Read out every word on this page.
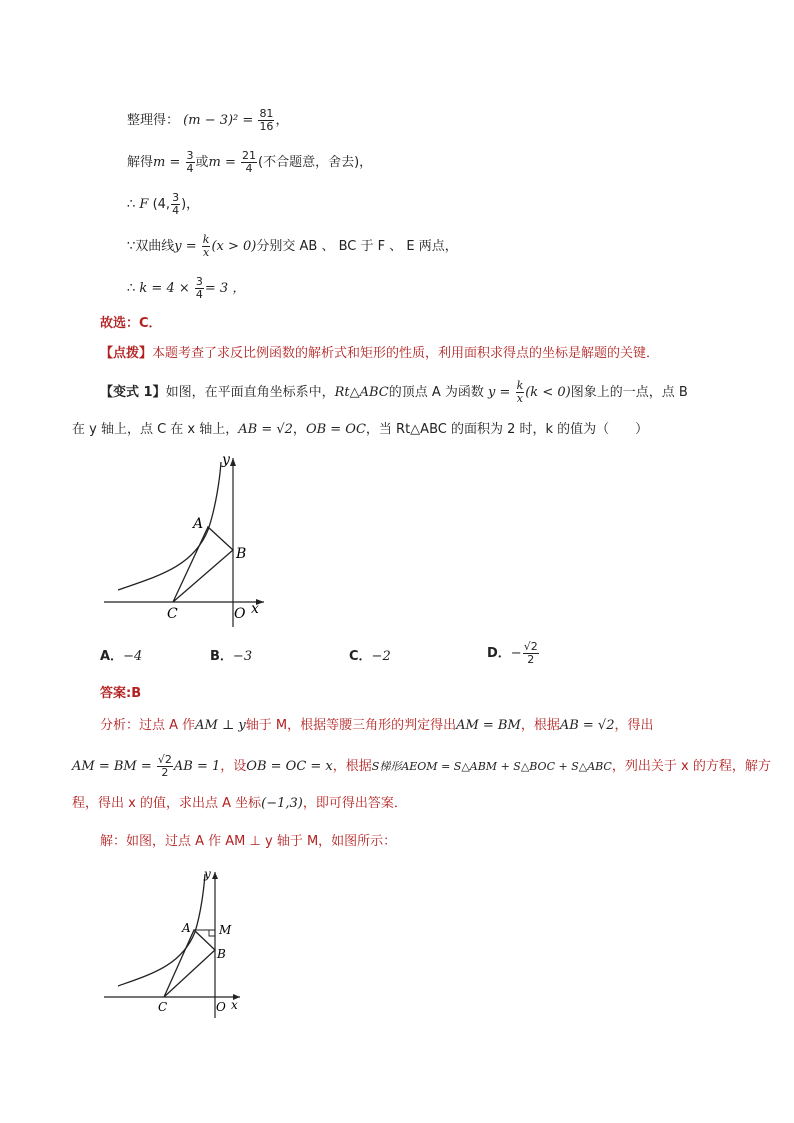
整理得： $(m - 3)^2 = \frac{81}{16}$ ，
解得$m = \frac{3}{4}$ 或$m = \frac{21}{4}$ (不合题意，舍去)，
∴ F (4, $\frac{3}{4}$ )，
∵双曲线$y = \frac{k}{x} (x > 0)$分别交 AB 、 BC 于 F 、 E 两点，
∴ $k = 4 \times \frac{3}{4} = 3$ ，
故选：C．
【点拨】本题考查了求反比例函数的解析式和矩形的性质，利用面积求得点的坐标是解题的关键．
【变式 1】如图，在平面直角坐标系中，Rt△ABC的顶点 A 为函数 $y = \frac{k}{x} (k < 0)$图象上的一点，点 B
在 y 轴上，点 C 在 x 轴上，AB = √2，OB = OC，当 Rt△ABC 的面积为 2 时，k 的值为（　　）
A
B
C	O x
y
A．−4	B．−3	C．−2	D．− $\frac{√2}{2}$
答案:B
分析：过点 A 作AM ⊥ y轴于 M，根据等腰三角形的判定得出AM = BM，根据AB = √2，得出
AM = BM = $\frac{√2}{2}$ AB = 1，设OB = OC = x，根据S梯形AEOM = S△ABM + S△BOC + S△ABC，列出关于 x 的方程，解方
程，得出 x 的值，求出点 A 坐标(−1,3)，即可得出答案．
解：如图，过点 A 作 AM ⊥ y 轴于 M，如图所示：
A M
B
C	O x
y
